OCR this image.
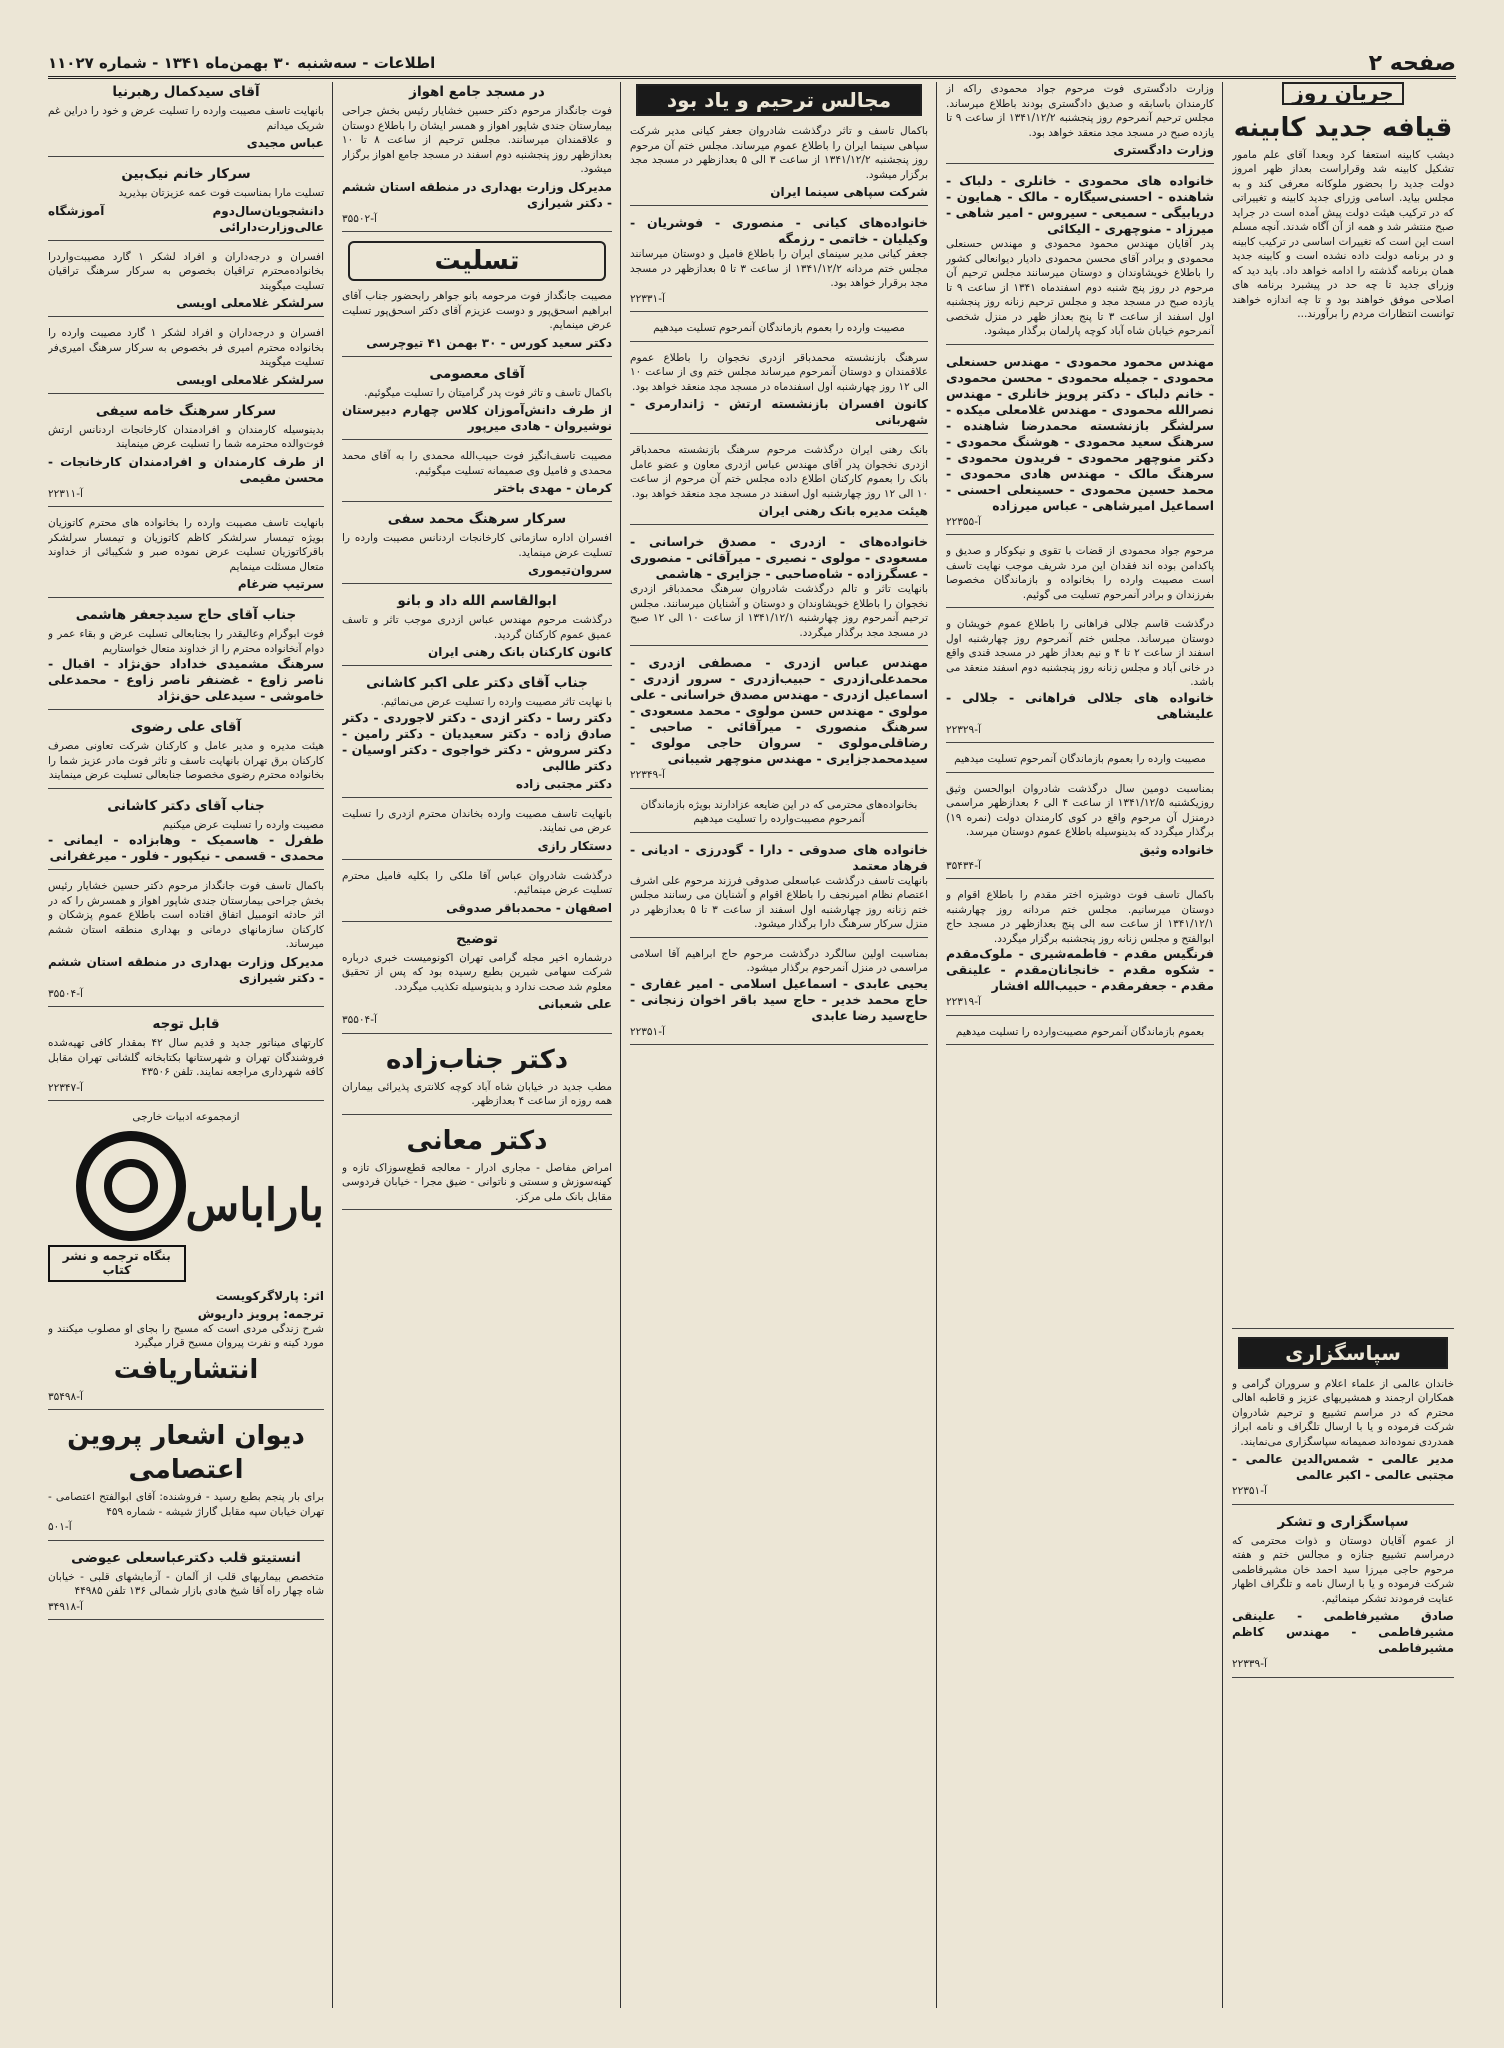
صفحه ۲
اطلاعات - سه‌شنبه ۳۰ بهمن‌ماه ۱۳۴۱ - شماره ۱۱۰۲۷
جریان روز
قیافه جدید کابینه
دیشب کابینه استعفا کرد وبعدا آقای علم مامور تشکیل کابینه شد وقراراست بعداز ظهر امروز دولت جدید را بحضور ملوکانه معرفی کند و به مجلس بیاید. اسامی وزرای جدید کابینه و تغییراتی که در ترکیب هیئت دولت پیش آمده است در جراید صبح منتشر شد و همه از آن آگاه شدند. آنچه مسلم است این است که تغییرات اساسی در ترکیب کابینه و در برنامه دولت داده نشده است و کابینه جدید همان برنامه گذشته را ادامه خواهد داد. باید دید که وزرای جدید تا چه حد در پیشبرد برنامه های اصلاحی موفق خواهند بود و تا چه اندازه خواهند توانست انتظارات مردم را برآورند...
سپاسگزاری
خاندان عالمی از علماء اعلام و سروران گرامی و همکاران ارجمند و همشیریهای عزیز و قاطبه اهالی محترم که در مراسم تشییع و ترحیم شادروان شرکت فرموده و یا با ارسال تلگراف و نامه ابراز همدردی نموده‌اند صمیمانه سپاسگزاری می‌نمایند.
مدیر عالمی - شمس‌الدین عالمی - مجتبی عالمی - اکبر عالمی
۲۲۳۵۱-آ
سپاسگزاری و تشکر
از عموم آقایان دوستان و ذوات محترمی که درمراسم تشییع جنازه و مجالس ختم و هفته مرحوم حاجی میرزا سید احمد خان مشیرفاطمی شرکت فرموده و یا با ارسال نامه و تلگراف اظهار عنایت فرمودند تشکر مینمائیم.
صادق مشیرفاطمی - علینقی مشیرفاطمی - مهندس کاظم مشیرفاطمی
۲۲۳۳۹-آ
وزارت دادگستری فوت مرحوم جواد محمودی راکه از کارمندان باسابقه و صدیق دادگستری بودند باطلاع میرساند. مجلس ترحیم آنمرحوم روز پنجشنبه ۱۳۴۱/۱۲/۲ از ساعت ۹ تا یازده صبح در مسجد مجد منعقد خواهد بود.
وزارت دادگستری
خانواده های محمودی - خانلری - دلباک - شاهنده - احسنی‌سیگاره - مالک - همایون - دریابیگی - سمیعی - سیروس - امیر شاهی - میرزاد - منوچهری - الیکائی
پدر آقایان مهندس محمود محمودی و مهندس حسنعلی محمودی و برادر آقای محسن محمودی دادیار دیوانعالی کشور را باطلاع خویشاوندان و دوستان میرسانند مجلس ترحیم آن مرحوم در روز پنج شنبه دوم اسفندماه ۱۳۴۱ از ساعت ۹ تا یازده صبح در مسجد مجد و مجلس ترحیم زنانه روز پنجشنبه اول اسفند از ساعت ۳ تا پنج بعداز ظهر در منزل شخصی آنمرحوم خیابان شاه آباد کوچه پارلمان برگذار میشود.
مهندس محمود محمودی - مهندس حسنعلی محمودی - جمیله محمودی - محسن محمودی - خانم دلباک - دکتر پرویز خانلری - مهندس نصرالله محمودی - مهندس غلامعلی میکده - سرلشگر بازنشسته محمدرضا شاهنده - سرهنگ سعید محمودی - هوشنگ محمودی - دکتر منوچهر محمودی - فریدون محمودی - سرهنگ مالک - مهندس هادی محمودی - محمد حسین محمودی - حسینعلی احسنی - اسماعیل امیرشاهی - عباس میرزاده
۲۲۳۵۵-آ
مرحوم جواد محمودی از قضات با تقوی و نیکوکار و صدیق و پاکدامن بوده اند فقدان این مرد شریف موجب نهایت تاسف است مصیبت وارده را بخانواده و بازماندگان مخصوصا بفرزندان و برادر آنمرحوم تسلیت می گوئیم.
درگذشت قاسم جلالی فراهانی را باطلاع عموم خویشان و دوستان میرساند. مجلس ختم آنمرحوم روز چهارشنبه اول اسفند از ساعت ۲ تا ۴ و نیم بعداز ظهر در مسجد قندی واقع در خانی آباد و مجلس زنانه روز پنجشنبه دوم اسفند منعقد می باشد.
خانواده های جلالی فراهانی - جلالی - علیشاهی
۲۲۳۲۹-آ
مصیبت وارده را بعموم بازماندگان آنمرحوم تسلیت میدهیم
بمناسبت دومین سال درگذشت شادروان ابوالحسن وثیق روزیکشنبه ۱۳۴۱/۱۲/۵ از ساعت ۴ الی ۶ بعدازظهر مراسمی درمنزل آن مرحوم واقع در کوی کارمندان دولت (نمره ۱۹) برگذار میگردد که بدینوسیله باطلاع عموم دوستان میرسد.
خانواده وثیق
۳۵۴۳۴-آ
باکمال تاسف فوت دوشیزه اختر مقدم را باطلاع اقوام و دوستان میرسانیم. مجلس ختم مردانه روز چهارشنبه ۱۳۴۱/۱۲/۱ از ساعت سه الی پنج بعدازظهر در مسجد حاج ابوالفتح و مجلس زنانه روز پنجشنبه برگزار میگردد.
فرنگیس مقدم - فاطمه‌شیری - ملوک‌مقدم - شکوه مقدم - خانجانان‌مقدم - علینقی مقدم - جعفرمقدم - حبیب‌الله افشار
۲۲۳۱۹-آ
بعموم بازماندگان آنمرحوم مصیبت‌وارده را تسلیت میدهیم
مجالس ترحیم و یاد بود
باکمال تاسف و تاثر درگذشت شادروان جعفر کیانی مدیر شرکت سپاهی سینما ایران را باطلاع عموم میرساند. مجلس ختم آن مرحوم روز پنجشنبه ۱۳۴۱/۱۲/۲ از ساعت ۳ الی ۵ بعدازظهر در مسجد مجد برگزار میشود.
شرکت سپاهی سینما ایران
خانواده‌های کیانی - منصوری - فوشریان - وکیلیان - خاتمی - رزمگه
جعفر کیانی مدیر سینمای ایران را باطلاع فامیل و دوستان میرسانند مجلس ختم مردانه ۱۳۴۱/۱۲/۲ از ساعت ۳ تا ۵ بعدازظهر در مسجد مجد برقرار خواهد بود.
۲۲۳۳۱-آ
مصیبت وارده را بعموم بازماندگان آنمرحوم تسلیت میدهیم
سرهنگ بازنشسته محمدباقر ازدری نخجوان را باطلاع عموم علاقمندان و دوستان آنمرحوم میرساند مجلس ختم وی از ساعت ۱۰ الی ۱۲ روز چهارشنبه اول اسفندماه در مسجد مجد منعقد خواهد بود.
کانون افسران بازنشسته ارتش - ژاندارمری - شهربانی
بانک رهنی ایران درگذشت مرحوم سرهنگ بازنشسته محمدباقر ازدری نخجوان پدر آقای مهندس عباس ازدری معاون و عضو عامل بانک را بعموم کارکنان اطلاع داده مجلس ختم آن مرحوم از ساعت ۱۰ الی ۱۲ روز چهارشنبه اول اسفند در مسجد مجد منعقد خواهد بود.
هیئت مدیره بانک رهنی ایران
خانواده‌های - ازدری - مصدق خراسانی - مسعودی - مولوی - نصیری - میرآقائی - منصوری - عسگرزاده - شاه‌صاحبی - جزایری - هاشمی
بانهایت تاثر و تالم درگذشت شادروان سرهنگ محمدباقر ازدری نخجوان را باطلاع خویشاوندان و دوستان و آشنایان میرسانند. مجلس ترحیم آنمرحوم روز چهارشنبه ۱۳۴۱/۱۲/۱ از ساعت ۱۰ الی ۱۲ صبح در مسجد مجد برگذار میگردد.
مهندس عباس ازدری - مصطفی ازدری - محمدعلی‌ازدری - حبیب‌ازدری - سرور ازدری - اسماعیل ازدری - مهندس مصدق خراسانی - علی مولوی - مهندس حسن مولوی - محمد مسعودی - سرهنگ منصوری - میرآقائی - صاحبی - رضاقلی‌مولوی - سروان حاجی مولوی - سیدمحمدجزایری - مهندس منوچهر شیبانی
۲۲۳۴۹-آ
بخانواده‌های محترمی که در این ضایعه عزادارند بویژه بازماندگان آنمرحوم مصیبت‌وارده را تسلیت میدهیم
خانواده های صدوقی - دارا - گودرزی - ادیانی - فرهاد معتمد
بانهایت تاسف درگذشت عباسعلی صدوقی فرزند مرحوم علی اشرف اعتصام نظام امیرنجف را باطلاع اقوام و آشنایان می رسانند مجلس ختم زنانه روز چهارشنبه اول اسفند از ساعت ۳ تا ۵ بعدازظهر در منزل سرکار سرهنگ دارا برگذار میشود.
بمناسبت اولین سالگرد درگذشت مرحوم حاج ابراهیم آقا اسلامی مراسمی در منزل آنمرحوم برگذار میشود.
یحیی عابدی - اسماعیل اسلامی - امیر غفاری - حاج محمد خدیر - حاج سید باقر اخوان زنجانی - حاج‌سید رضا عابدی
۲۲۳۵۱-آ
در مسجد جامع اهواز
فوت جانگداز مرحوم دکتر حسین خشایار رئیس بخش جراحی بیمارستان جندی شاپور اهواز و همسر ایشان را باطلاع دوستان و علاقمندان میرسانند. مجلس ترحیم از ساعت ۸ تا ۱۰ بعدازظهر روز پنجشنبه دوم اسفند در مسجد جامع اهواز برگزار میشود.
مدیرکل وزارت بهداری در منطقه استان ششم - دکتر شیرازی
۳۵۵۰۲-آ
تسلیت
مصیبت جانگداز فوت مرحومه بانو جواهر رابحضور جناب آقای ابراهیم اسحق‌پور و دوست عزیزم آقای دکتر اسحق‌پور تسلیت عرض مینمایم.
دکتر سعید کورس - ۳۰ بهمن ۴۱ تیوچرسی
آقای معصومی
باکمال تاسف و تاثر فوت پدر گرامیتان را تسلیت میگوئیم.
از طرف دانش‌آموزان کلاس چهارم دبیرستان نوشیروان - هادی میرپور
مصیبت تاسف‌انگیز فوت حبیب‌الله محمدی را به آقای محمد محمدی و فامیل وی صمیمانه تسلیت میگوئیم.
کرمان - مهدی باختر
سرکار سرهنگ محمد سفی
افسران اداره سازمانی کارخانجات اردنانس مصیبت وارده را تسلیت عرض مینماید.
سروان‌تیموری
ابوالقاسم الله داد و بانو
درگذشت مرحوم مهندس عباس ازدری موجب تاثر و تاسف عمیق عموم کارکنان گردید.
کانون کارکنان بانک رهنی ایران
جناب آقای دکتر علی اکبر کاشانی
با نهایت تاثر مصیبت وارده را تسلیت عرض می‌نمائیم.
دکتر رسا - دکتر ازدی - دکتر لاجوردی - دکتر صادق زاده - دکتر سعیدیان - دکتر رامین - دکتر سروش - دکتر خواجوی - دکتر اوسیان - دکتر طالبی
دکتر مجتبی زاده
بانهایت تاسف مصیبت وارده بخاندان محترم ازدری را تسلیت عرض می نمایند.
دستکار رازی
درگذشت شادروان عباس آقا ملکی را بکلیه فامیل محترم تسلیت عرض مینمائیم.
اصفهان - محمدباقر صدوقی
توضیح
درشماره اخیر مجله گرامی تهران اکونومیست خبری درباره شرکت سهامی شیرین بطبع رسیده بود که پس از تحقیق معلوم شد صحت ندارد و بدینوسیله تکذیب میگردد.
علی شعبانی
۳۵۵۰۴-آ
دکتر جناب‌زاده
مطب جدید در خیابان شاه آباد کوچه کلانتری پذیرائی بیماران همه روزه از ساعت ۴ بعدازظهر.
دکتر معانی
امراض مفاصل - مجاری ادرار - معالجه قطع‌سوزاک تازه و کهنه‌سوزش و سستی و ناتوانی - ضیق مجرا - خیابان فردوسی مقابل بانک ملی مرکز.
آقای سیدکمال رهبرنیا
بانهایت تاسف مصیبت وارده را تسلیت عرض و خود را دراین غم شریک میدانم
عباس مجیدی
سرکار خانم نیک‌بین
تسلیت مارا بمناسبت فوت عمه عزیزتان بپذیرید
دانشجویان‌سال‌دوم آموزشگاه عالی‌وزارت‌دارائی
افسران و درجه‌داران و افراد لشکر ۱ گارد مصیبت‌واردرا بخانواده‌محترم تراقیان بخصوص به سرکار سرهنگ تراقیان تسلیت میگویند
سرلشکر غلامعلی اویسی
افسران و درجه‌داران و افراد لشکر ۱ گارد مصیبت وارده را بخانواده محترم امیری فر بخصوص به سرکار سرهنگ امیری‌فر تسلیت میگویند
سرلشکر غلامعلی اویسی
سرکار سرهنگ خامه سیفی
بدینوسیله کارمندان و افرادمندان کارخانجات اردنانس ارتش فوت‌والده محترمه شما را تسلیت عرض مینمایند
از طرف کارمندان و افرادمندان کارخانجات - محسن مقیمی
۲۲۳۱۱-آ
بانهایت تاسف مصیبت وارده را بخانواده های محترم کاتوزیان بویژه تیمسار سرلشکر کاظم کاتوزیان و تیمسار سرلشکر باقرکاتوزیان تسلیت عرض نموده صبر و شکیبائی از خداوند متعال مسئلت مینمایم
سرتیپ ضرغام
جناب آقای حاج سیدجعفر هاشمی
فوت ابوگرام وعالیقدر را بجنابعالی تسلیت عرض و بقاء عمر و دوام آنخانواده محترم را از خداوند متعال خواستاریم
سرهنگ مشمیدی خداداد حق‌نژاد - اقبال - ناصر زاوع - غضنفر ناصر زاوع - محمدعلی خاموشی - سیدعلی حق‌نژاد
آقای علی رضوی
هیئت مدیره و مدیر عامل و کارکنان شرکت تعاونی مصرف کارکنان برق تهران بانهایت تاسف و تاثر فوت مادر عزیز شما را بخانواده محترم رضوی مخصوصا جنابعالی تسلیت عرض مینمایند
جناب آقای دکتر کاشانی
مصیبت وارده را تسلیت عرض میکنیم
طفرل - هاسمیک - وهابزاده - ایمانی - محمدی - قسمی - نیکپور - فلور - میرغفرانی
باکمال تاسف فوت جانگداز مرحوم دکتر حسین خشایار رئیس بخش جراحی بیمارستان جندی شاپور اهواز و همسرش را که در اثر حادثه اتومبیل اتفاق افتاده است باطلاع عموم پزشکان و کارکنان سازمانهای درمانی و بهداری منطقه استان ششم میرساند.
مدیرکل وزارت بهداری در منطقه استان ششم - دکتر شیرازی
۳۵۵۰۴-آ
قابل توجه
کارتهای میناتور جدید و قدیم سال ۴۲ بمقدار کافی تهیه‌شده فروشندگان تهران و شهرستانها بکتابخانه گلشانی تهران مقابل کافه شهرداری مراجعه نمایند. تلفن ۴۳۵۰۶
۲۲۳۴۷-آ
ازمجموعه ادبیات خارجی
باراباس
بنگاه ترجمه و نشر کتاب
اثر: پارلاگرکویست
ترجمه: پرویز داریوش
شرح زندگی مردی است که مسیح را بجای او مصلوب میکنند و مورد کینه و نفرت پیروان مسیح قرار میگیرد
انتشاریافت
۳۵۴۹۸-آ
دیوان اشعار پروین اعتصامی
برای بار پنجم بطبع رسید - فروشنده: آقای ابوالفتح اعتصامی - تهران خیابان سپه مقابل گاراژ شیشه - شماره ۴۵۹
۵۰۱-آ
انستیتو قلب دکترعباسعلی عیوضی
متخصص بیماریهای قلب از آلمان - آزمایشهای قلبی - خیابان شاه چهار راه آقا شیخ هادی بازار شمالی ۱۳۶ تلفن ۴۴۹۸۵
۳۴۹۱۸-آ
